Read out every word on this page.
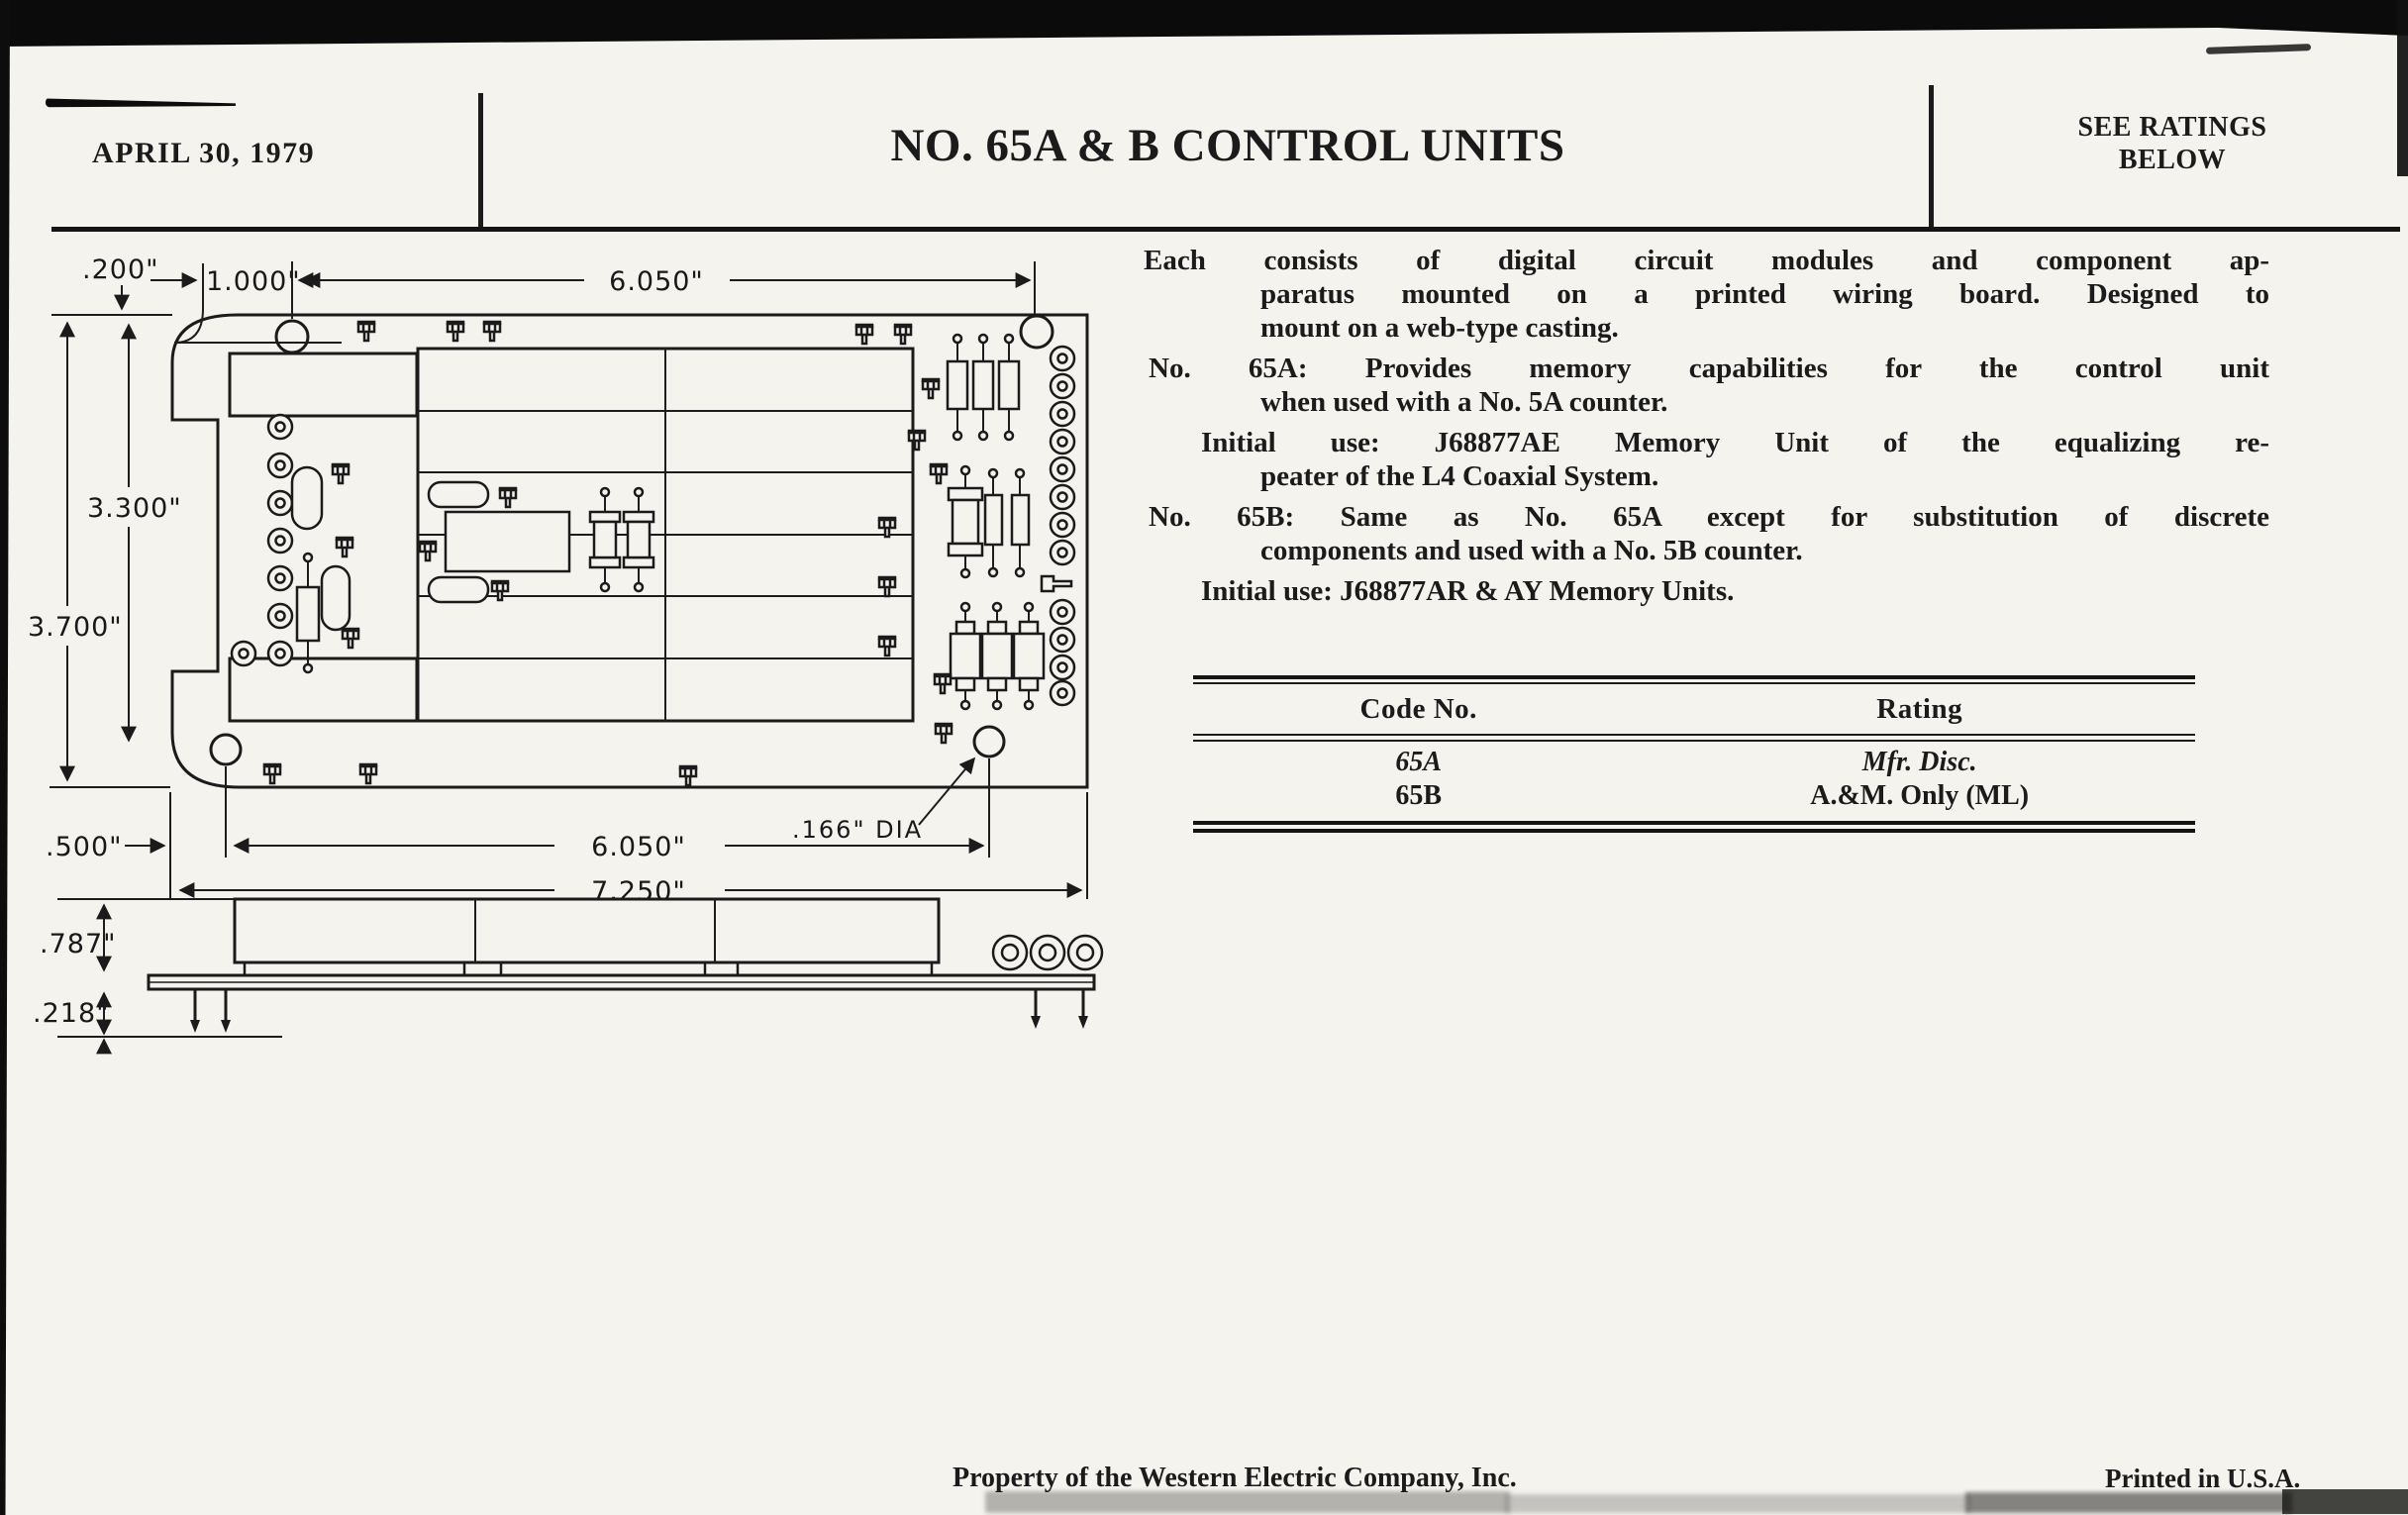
APRIL 30, 1979	NO. 65A & B CONTROL UNITS	SEE RATINGS
BELOW
Each consists of digital circuit modules and component ap-
paratus mounted on a printed wiring board. Designed to
mount on a web-type casting.
No. 65A: Provides memory capabilities for the control unit
when used with a No. 5A counter.
Initial use: J68877AE Memory Unit of the equalizing re-
peater of the L4 Coaxial System.
No. 65B: Same as No. 65A except for substitution of discrete
components and used with a No. 5B counter.
Initial use: J68877AR & AY Memory Units.
Code No.	Rating
65A	Mfr. Disc.
65B	A.&M. Only (ML)
.200" 1.000"	6.050"
3.300"
3.700"
.500"	6.050"
7.250"
.166" DIA
.787"
.218"
Property of the Western Electric Company, Inc.	Printed in U.S.A.
